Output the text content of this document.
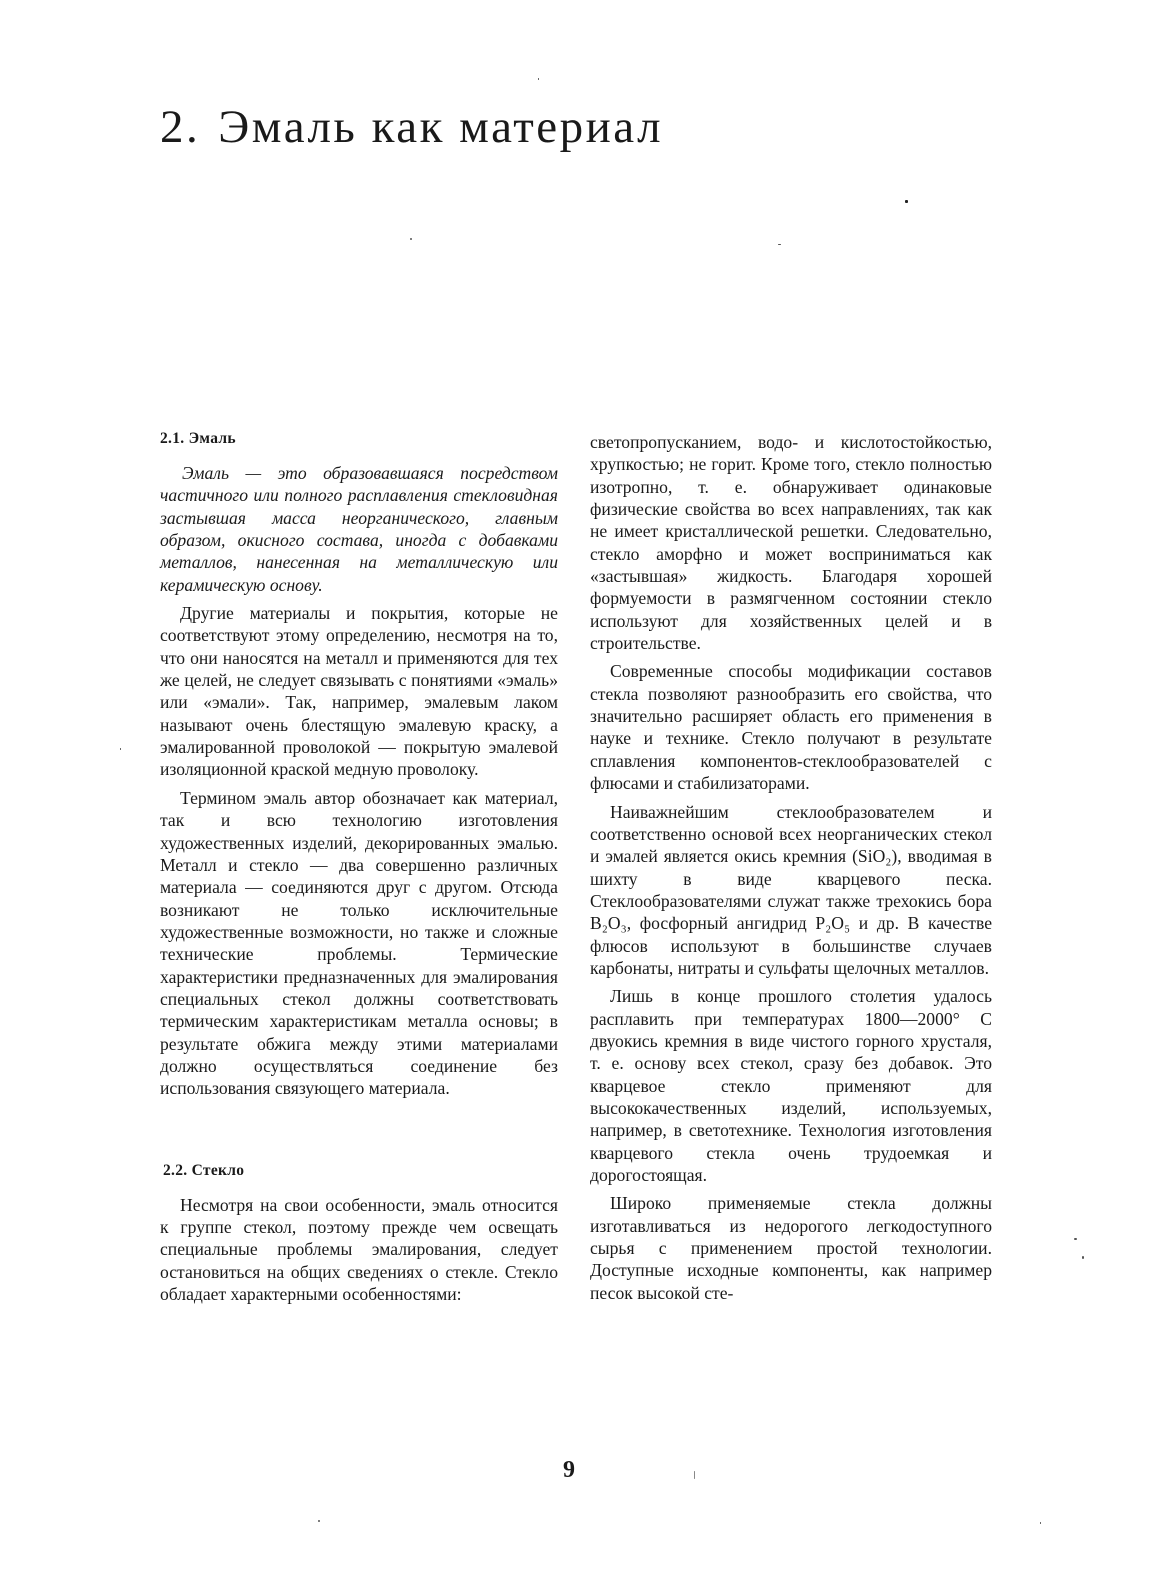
2. Эмаль как материал
2.1. Эмаль

Эмаль — это образовавшаяся посредством частичного или полного расплавления стекловидная застывшая масса неорганического, главным образом, окисного состава, иногда с добавками металлов, нанесенная на металлическую или керамическую основу.

Другие материалы и покрытия, которые не соответствуют этому определению, несмотря на то, что они наносятся на металл и применяются для тех же целей, не следует связывать с понятиями «эмаль» или «эмали». Так, например, эмалевым лаком называют очень блестящую эмалевую краску, а эмалированной проволокой — покрытую эмалевой изоляционной краской медную проволоку.

Термином эмаль автор обозначает как материал, так и всю технологию изготовления художественных изделий, декорированных эмалью. Металл и стекло — два совершенно различных материала — соединяются друг с другом. Отсюда возникают не только исключительные художественные возможности, но также и сложные технические проблемы. Термические характеристики предназначенных для эмалирования специальных стекол должны соответствовать термическим характеристикам металла основы; в результате обжига между этими материалами должно осуществляться соединение без использования связующего материала.

2.2. Стекло

Несмотря на свои особенности, эмаль относится к группе стекол, поэтому прежде чем освещать специальные проблемы эмалирования, следует остановиться на общих сведениях о стекле. Стекло обладает характерными особенностями:

светопропусканием, водо- и кислотостойкостью, хрупкостью; не горит. Кроме того, стекло полностью изотропно, т. е. обнаруживает одинаковые физические свойства во всех направлениях, так как не имеет кристаллической решетки. Следовательно, стекло аморфно и может восприниматься как «застывшая» жидкость. Благодаря хорошей формуемости в размягченном состоянии стекло используют для хозяйственных целей и в строительстве.

Современные способы модификации составов стекла позволяют разнообразить его свойства, что значительно расширяет область его применения в науке и технике. Стекло получают в результате сплавления компонентов-стеклообразователей с флюсами и стабилизаторами.

Наиважнейшим стеклообразователем и соответственно основой всех неорганических стекол и эмалей является окись кремния (SiO₂), вводимая в шихту в виде кварцевого песка. Стеклообразователями служат также трехокись бора B₂O₃, фосфорный ангидрид P₂O₅ и др. В качестве флюсов используют в большинстве случаев карбонаты, нитраты и сульфаты щелочных металлов.

Лишь в конце прошлого столетия удалось расплавить при температурах 1800—2000° C двуокись кремния в виде чистого горного хрусталя, т. е. основу всех стекол, сразу без добавок. Это кварцевое стекло применяют для высококачественных изделий, используемых, например, в светотехнике. Технология изготовления кварцевого стекла очень трудоемкая и дорогостоящая.

Широко применяемые стекла должны изготавливаться из недорогого легкодоступного сырья с применением простой технологии. Доступные исходные компоненты, как например песок высокой сте-

9
